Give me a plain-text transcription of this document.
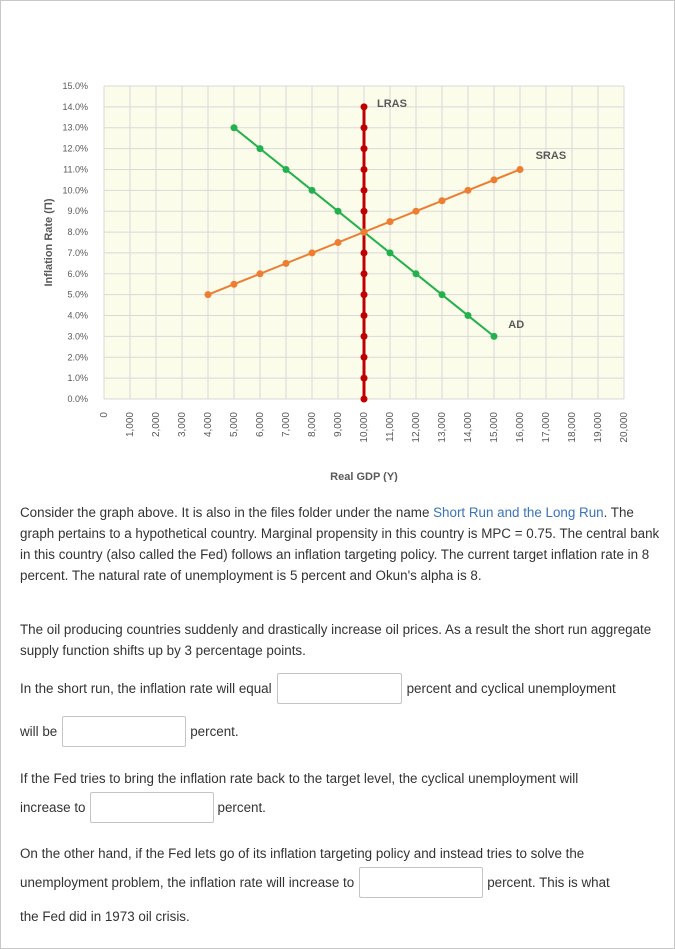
0.0%
1.0%
2.0%
3.0%
4.0%
5.0%
6.0%
7.0%
8.0%
9.0%
10.0%
11.0%
12.0%
13.0%
14.0%
15.0%
0 1,000 2,000 3,000 4,000 5,000 6,000 7,000 8,000 9,000 10,000 11,000 12,000 13,000 14,000 15,000 16,000 17,000 18,000 19,000 20,000
Real GDP (Y)
Inflation Rate (Π)
LRAS
AD
SRAS
Consider the graph above. It is also in the files folder under the name Short Run and the Long Run. The graph pertains to a hypothetical country. Marginal propensity in this country is MPC = 0.75. The central bank in this country (also called the Fed) follows an inflation targeting policy. The current target inflation rate in 8 percent. The natural rate of unemployment is 5 percent and Okun's alpha is 8.
The oil producing countries suddenly and drastically increase oil prices. As a result the short run aggregate supply function shifts up by 3 percentage points.
In the short run, the inflation rate will equal	percent and cyclical unemployment
will be	percent.
If the Fed tries to bring the inflation rate back to the target level, the cyclical unemployment will
increase to	percent.
On the other hand, if the Fed lets go of its inflation targeting policy and instead tries to solve the
unemployment problem, the inflation rate will increase to	percent. This is what
the Fed did in 1973 oil crisis.
